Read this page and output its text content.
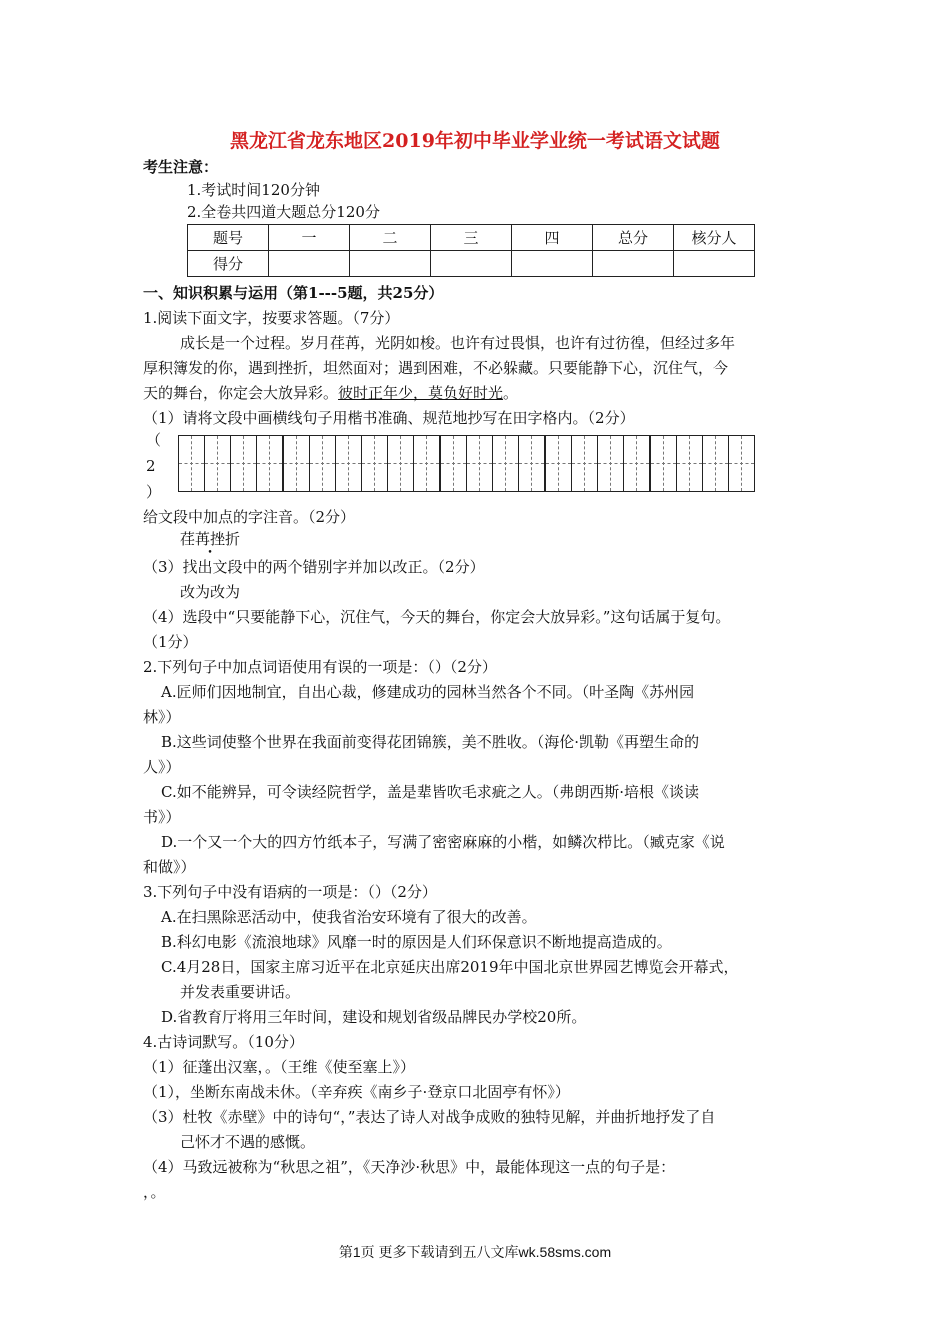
黑龙江省龙东地区2019年初中毕业学业统一考试语文试题
考生注意：
1.考试时间120分钟
2.全卷共四道大题总分120分
题号	一	二	三	四	总分	核分人
得分						
一、知识积累与运用（第1---5题，共25分）
1.阅读下面文字，按要求答题。（7分）
成长是一个过程。岁月荏苒，光阴如梭。也许有过畏惧，也许有过彷徨，但经过多年
厚积簿发的你，遇到挫折，坦然面对；遇到困难，不必躲藏。只要能静下心，沉住气，今
天的舞台，你定会大放异彩。彼时正年少，莫负好时光。
（1）请将文段中画横线句子用楷书准确、规范地抄写在田字格内。（2分）
（
2
）
给文段中加点的字注音。（2分）
荏苒挫折
（3）找出文段中的两个错别字并加以改正。（2分）
改为改为
（4）选段中“只要能静下心，沉住气，今天的舞台，你定会大放异彩。”这句话属于复句。
（1分）
2.下列句子中加点词语使用有误的一项是：（）（2分）
A.匠师们因地制宜，自出心裁，修建成功的园林当然各个不同。（叶圣陶《苏州园
林》）
B.这些词使整个世界在我面前变得花团锦簇，美不胜收。（海伦·凯勒《再塑生命的
人》）
C.如不能辨异，可令读经院哲学，盖是辈皆吹毛求疵之人。（弗朗西斯·培根《谈读
书》）
D.一个又一个大的四方竹纸本子，写满了密密麻麻的小楷，如鳞次栉比。（臧克家《说
和做》）
3.下列句子中没有语病的一项是：（）（2分）
A.在扫黑除恶活动中，使我省治安环境有了很大的改善。
B.科幻电影《流浪地球》风靡一时的原因是人们环保意识不断地提高造成的。
C.4月28日，国家主席习近平在北京延庆出席2019年中国北京世界园艺博览会开幕式，
并发表重要讲话。
D.省教育厅将用三年时间，建设和规划省级品牌民办学校20所。
4.古诗词默写。（10分）
（1）征蓬出汉塞，。（王维《使至塞上》）
（1），坐断东南战未休。（辛弃疾《南乡子·登京口北固亭有怀》）
（3）杜牧《赤壁》中的诗句“，”表达了诗人对战争成败的独特见解，并曲折地抒发了自
己怀才不遇的感慨。
（4）马致远被称为“秋思之祖”，《天净沙·秋思》中，最能体现这一点的句子是：
，。
第1页 更多下载请到五八文库wk.58sms.com
